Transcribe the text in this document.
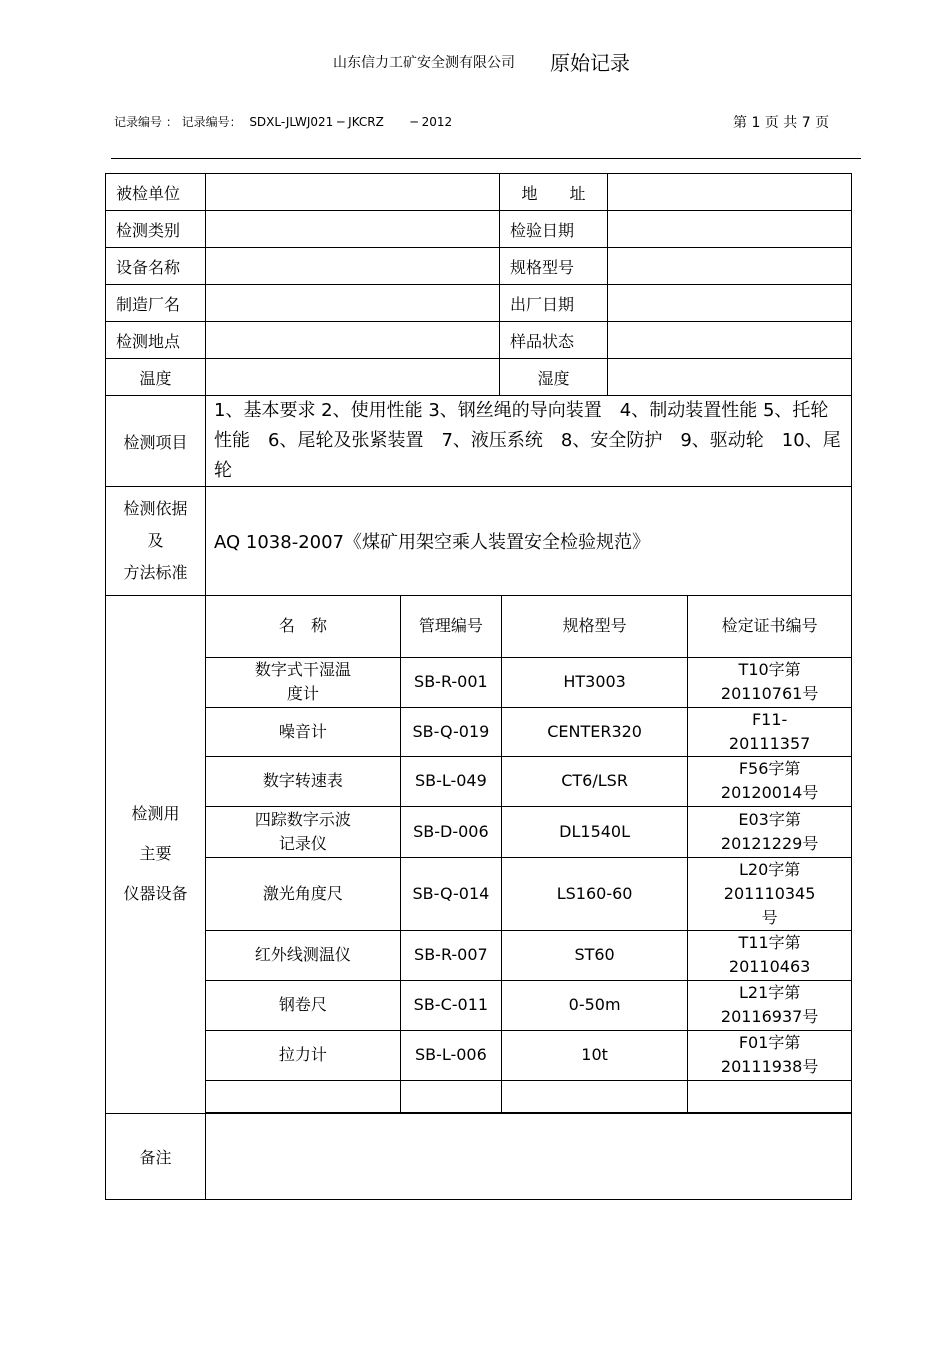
山东信力工矿安全测有限公司 原始记录
记录编号 ： 记录编号： SDXL-JLWJ021 ─ JKCRZ ─ 2012	第 1 页 共 7 页
被检单位		地　　址	
检测类别		检验日期	
设备名称		规格型号	
制造厂名		出厂日期	
检测地点		样品状态	
温度		湿度	
检测项目	1、基本要求 2、使用性能 3、钢丝绳的导向装置　4、制动装置性能 5、托轮性能　6、尾轮及张紧装置　7、液压系统　8、安全防护　9、驱动轮　10、尾轮

检测依据
及
方法标准
	AQ 1038-2007《煤矿用架空乘人装置安全检验规范》

检测用
主要
仪器设备

名　称	管理编号	规格型号	检定证书编号
数字式干湿温度计	SB-R-001	HT3003	T10字第20110761号
噪音计	SB-Q-019	CENTER320	F11-20111357
数字转速表	SB-L-049	CT6/LSR	F56字第20120014号
四踪数字示波记录仪	SB-D-006	DL1540L	E03字第20121229号
激光角度尺	SB-Q-014	LS160-60	L20字第201110345号
红外线测温仪	SB-R-007	ST60	T11字第20110463
钢卷尺	SB-C-011	0-50m	L21字第20116937号
拉力计	SB-L-006	10t	F01字第20111938号

备注	
